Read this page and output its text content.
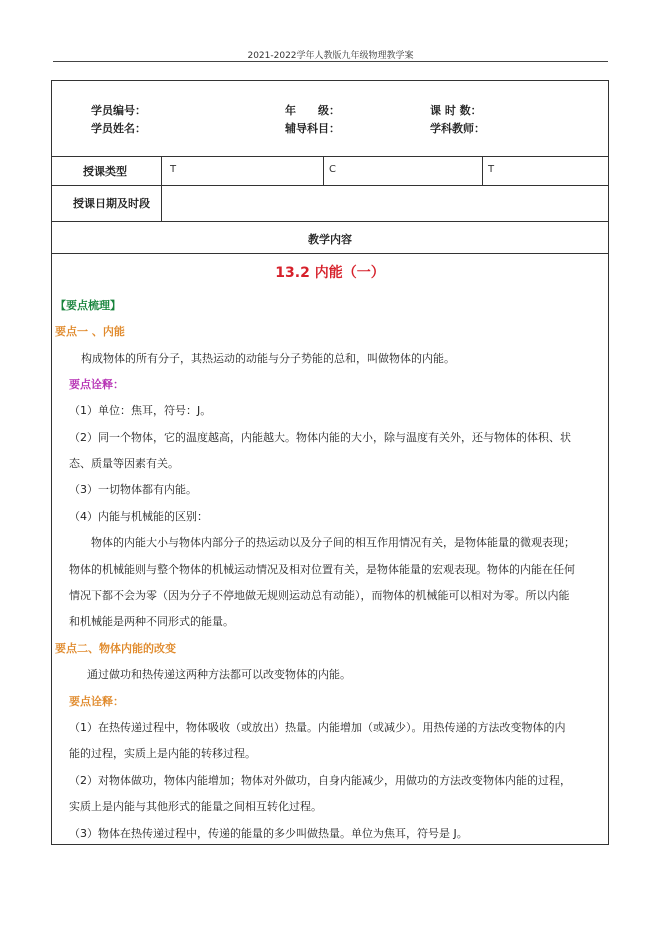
2021-2022学年人教版九年级物理教学案
学员编号：	年　　级：	课 时 数：
学员姓名：	辅导科目：	学科教师：
授课类型	T	C	T
授课日期及时段
教学内容
13.2 内能（一）
【要点梳理】
要点一 、内能
构成物体的所有分子，其热运动的动能与分子势能的总和，叫做物体的内能。
要点诠释：
（1）单位：焦耳，符号：J。
（2）同一个物体，它的温度越高，内能越大。物体内能的大小，除与温度有关外，还与物体的体积、状
态、质量等因素有关。
（3）一切物体都有内能。
（4）内能与机械能的区别：
物体的内能大小与物体内部分子的热运动以及分子间的相互作用情况有关，是物体能量的微观表现；
物体的机械能则与整个物体的机械运动情况及相对位置有关，是物体能量的宏观表现。物体的内能在任何
情况下都不会为零（因为分子不停地做无规则运动总有动能），而物体的机械能可以相对为零。所以内能
和机械能是两种不同形式的能量。
要点二、物体内能的改变
通过做功和热传递这两种方法都可以改变物体的内能。
要点诠释：
（1）在热传递过程中，物体吸收（或放出）热量。内能增加（或减少）。用热传递的方法改变物体的内
能的过程，实质上是内能的转移过程。
（2）对物体做功，物体内能增加；物体对外做功，自身内能减少，用做功的方法改变物体内能的过程，
实质上是内能与其他形式的能量之间相互转化过程。
（3）物体在热传递过程中，传递的能量的多少叫做热量。单位为焦耳，符号是 J。
